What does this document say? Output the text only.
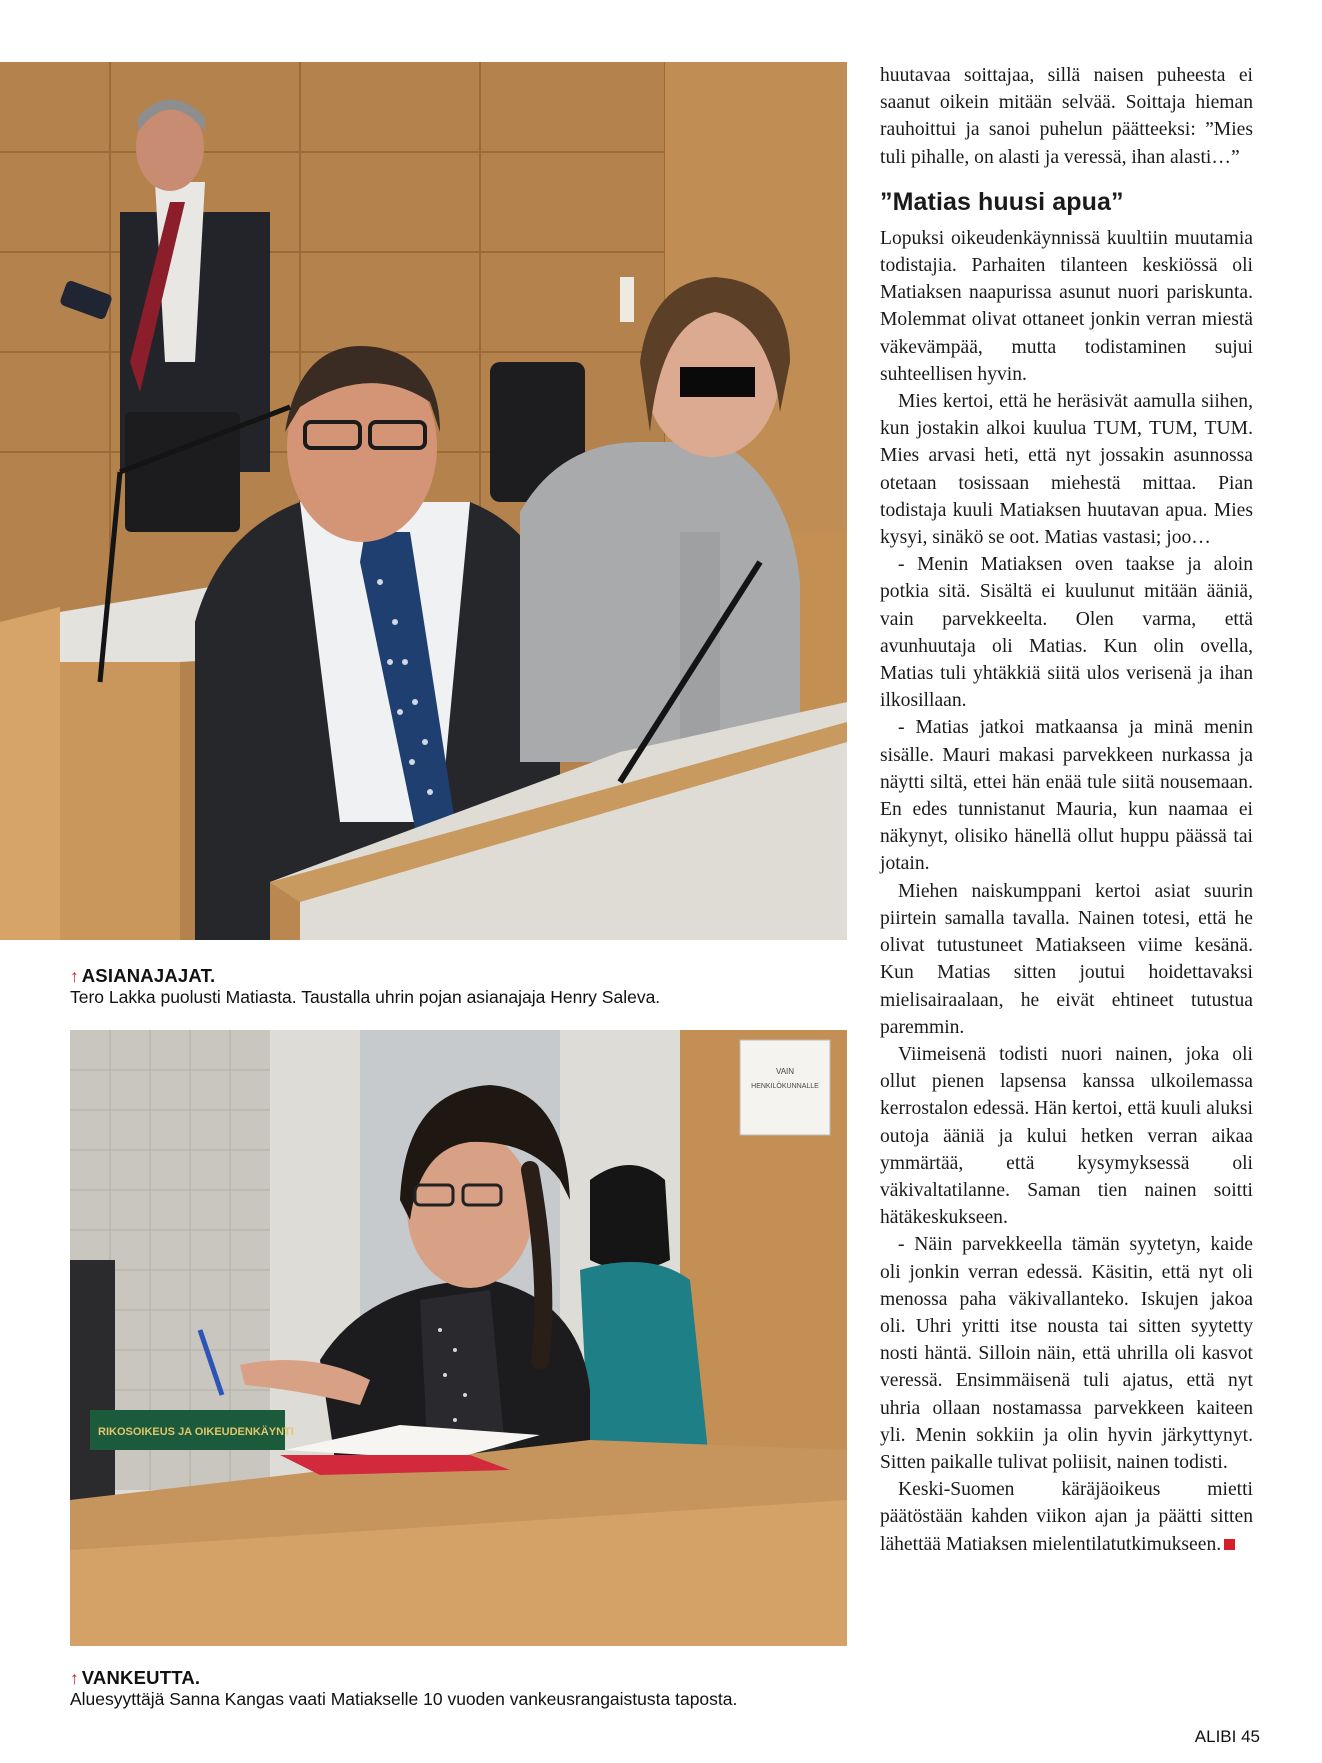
↑ ASIANAJAJAT.
Tero Lakka puolusti Matiasta. Taustalla uhrin pojan asianajaja Henry Saleva.
VAIN
HENKILÖKUNNALLE
RIKOSOIKEUS JA OIKEUDENKÄYNTI
↑ VANKEUTTA.
Aluesyyttäjä Sanna Kangas vaati Matiakselle 10 vuoden vankeusrangaistusta taposta.

huutavaa soittajaa, sillä naisen puheesta ei saanut oikein mitään selvää. Soittaja hieman rauhoittui ja sanoi puhelun päätteeksi: ”Mies tuli pihalle, on alasti ja veressä, ihan alasti…”

”Matias huusi apua”

Lopuksi oikeudenkäynnissä kuultiin muutamia todistajia. Parhaiten tilanteen keskiössä oli Matiaksen naapurissa asunut nuori pariskunta. Molemmat olivat ottaneet jonkin verran miestä väkevämpää, mutta todistaminen sujui suhteellisen hyvin.

Mies kertoi, että he heräsivät aamulla siihen, kun jostakin alkoi kuulua TUM, TUM, TUM. Mies arvasi heti, että nyt jossakin asunnossa otetaan tosissaan miehestä mittaa. Pian todistaja kuuli Matiaksen huutavan apua. Mies kysyi, sinäkö se oot. Matias vastasi; joo…

- Menin Matiaksen oven taakse ja aloin potkia sitä. Sisältä ei kuulunut mitään ääniä, vain parvekkeelta. Olen varma, että avunhuutaja oli Matias. Kun olin ovella, Matias tuli yhtäkkiä siitä ulos verisenä ja ihan ilkosillaan.

- Matias jatkoi matkaansa ja minä menin sisälle. Mauri makasi parvekkeen nurkassa ja näytti siltä, ettei hän enää tule siitä nousemaan. En edes tunnistanut Mauria, kun naamaa ei näkynyt, olisiko hänellä ollut huppu päässä tai jotain.

Miehen naiskumppani kertoi asiat suurin piirtein samalla tavalla. Nainen totesi, että he olivat tutustuneet Matiakseen viime kesänä. Kun Matias sitten joutui hoidettavaksi mielisairaalaan, he eivät ehtineet tutustua paremmin.

Viimeisenä todisti nuori nainen, joka oli ollut pienen lapsensa kanssa ulkoilemassa kerrostalon edessä. Hän kertoi, että kuuli aluksi outoja ääniä ja kului hetken verran aikaa ymmärtää, että kysymyksessä oli väkivaltatilanne. Saman tien nainen soitti hätäkeskukseen.

- Näin parvekkeella tämän syytetyn, kaide oli jonkin verran edessä. Käsitin, että nyt oli menossa paha väkivallanteko. Iskujen jakoa oli. Uhri yritti itse nousta tai sitten syytetty nosti häntä. Silloin näin, että uhrilla oli kasvot veressä. Ensimmäisenä tuli ajatus, että nyt uhria ollaan nostamassa parvekkeen kaiteen yli. Menin sokkiin ja olin hyvin järkyttynyt. Sitten paikalle tulivat poliisit, nainen todisti.

Keski-Suomen käräjäoikeus mietti päätöstään kahden viikon ajan ja päätti sitten lähettää Matiaksen mielentilatutkimukseen.

ALIBI 45
